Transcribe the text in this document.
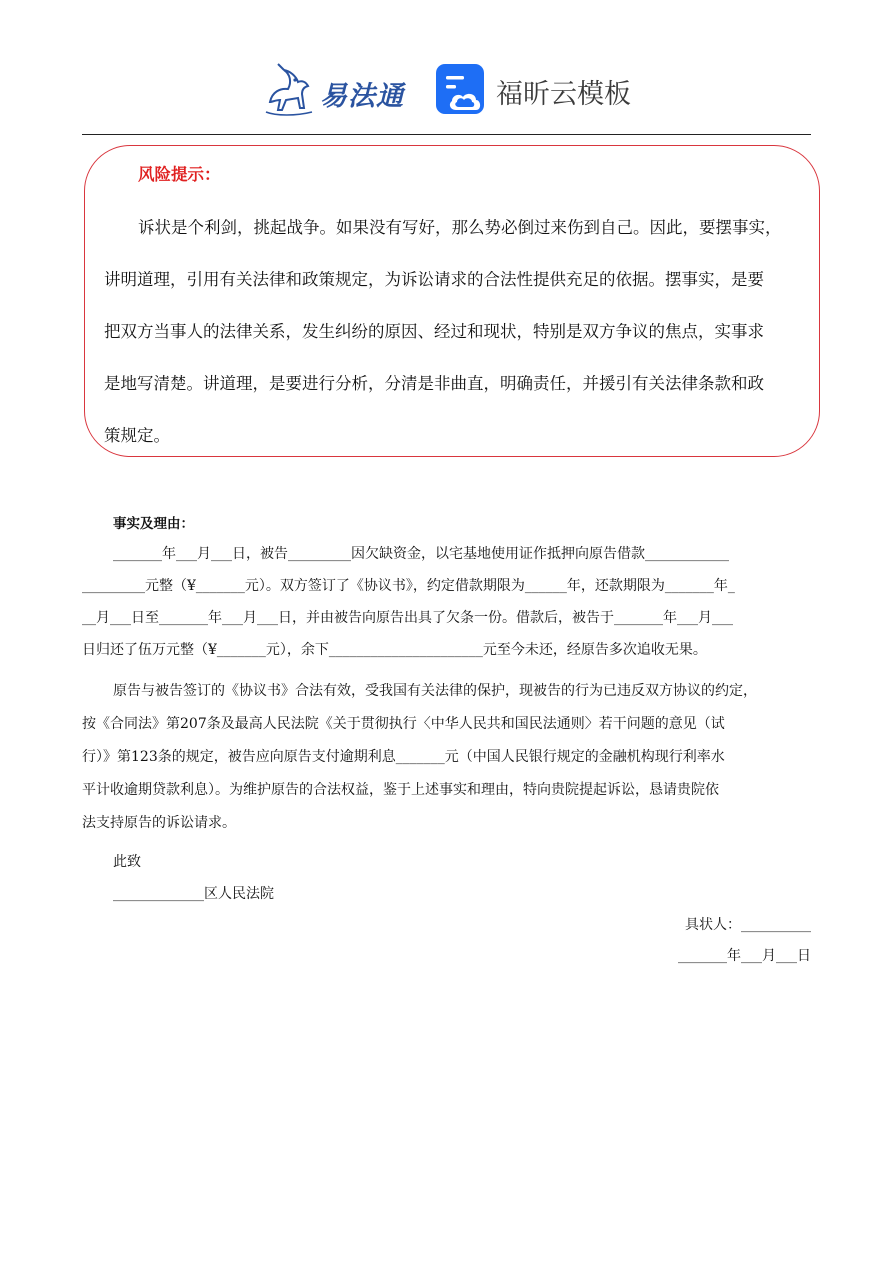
易法通	福昕云模板
风险提示：
诉状是个利剑，挑起战争。如果没有写好，那么势必倒过来伤到自己。因此，要摆事实，
讲明道理，引用有关法律和政策规定，为诉讼请求的合法性提供充足的依据。摆事实，是要
把双方当事人的法律关系，发生纠纷的原因、经过和现状，特别是双方争议的焦点，实事求
是地写清楚。讲道理，是要进行分析，分清是非曲直，明确责任，并援引有关法律条款和政
策规定。
事实及理由：
_______年___月___日，被告_________因欠缺资金，以宅基地使用证作抵押向原告借款____________
_________元整（¥_______元）。双方签订了《协议书》，约定借款期限为______年，还款期限为_______年_
__月___日至_______年___月___日，并由被告向原告出具了欠条一份。借款后，被告于_______年___月___
日归还了伍万元整（¥_______元），余下______________________元至今未还，经原告多次追收无果。
原告与被告签订的《协议书》合法有效，受我国有关法律的保护，现被告的行为已违反双方协议的约定，
按《合同法》第207条及最高人民法院《关于贯彻执行〈中华人民共和国民法通则〉若干问题的意见（试
行）》第123条的规定，被告应向原告支付逾期利息_______元（中国人民银行规定的金融机构现行利率水
平计收逾期贷款利息）。为维护原告的合法权益，鉴于上述事实和理由，特向贵院提起诉讼，恳请贵院依
法支持原告的诉讼请求。
此致
_____________区人民法院
具状人：__________
_______年___月___日
